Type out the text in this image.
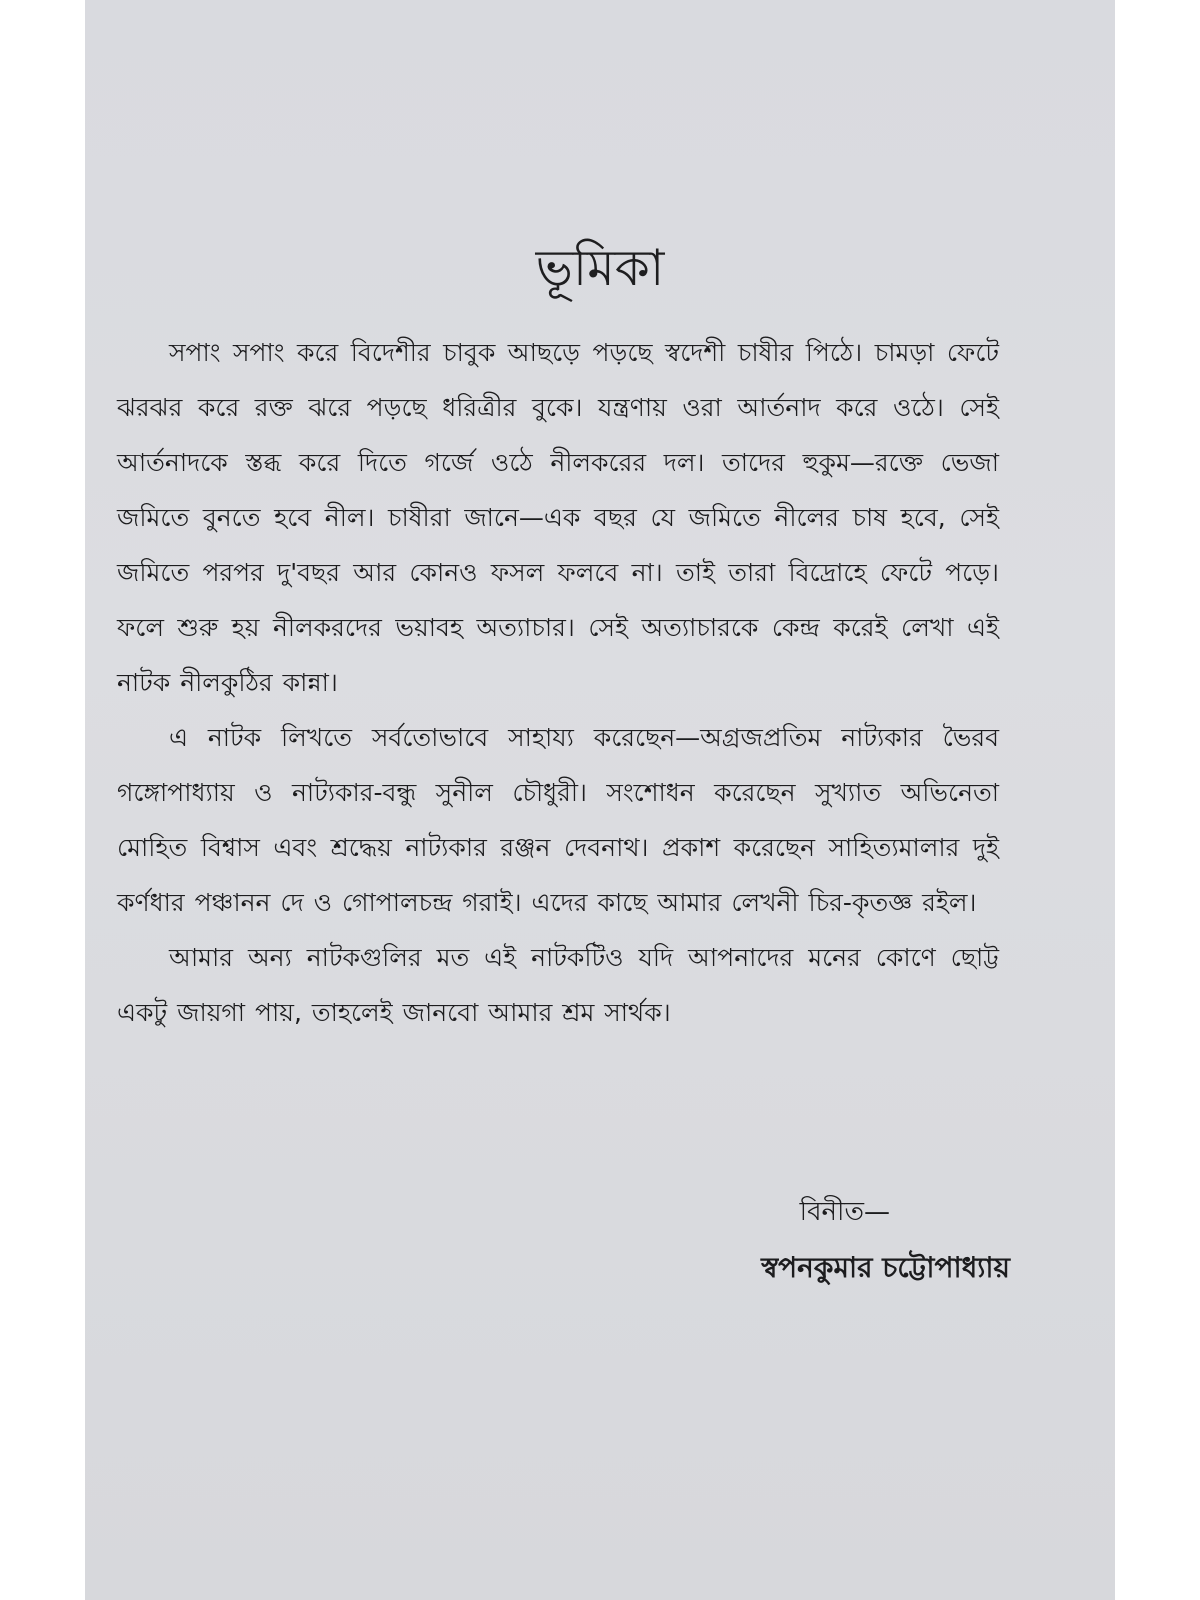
ভূমিকা

সপাং সপাং করে বিদেশীর চাবুক আছড়ে পড়ছে স্বদেশী চাষীর পিঠে। চামড়া ফেটে ঝরঝর করে রক্ত ঝরে পড়ছে ধরিত্রীর বুকে। যন্ত্রণায় ওরা আর্তনাদ করে ওঠে। সেই আর্তনাদকে স্তব্ধ করে দিতে গর্জে ওঠে নীলকরের দল। তাদের হুকুম—রক্তে ভেজা জমিতে বুনতে হবে নীল। চাষীরা জানে—এক বছর যে জমিতে নীলের চাষ হবে, সেই জমিতে পরপর দু'বছর আর কোনও ফসল ফলবে না। তাই তারা বিদ্রোহে ফেটে পড়ে। ফলে শুরু হয় নীলকরদের ভয়াবহ অত্যাচার। সেই অত্যাচারকে কেন্দ্র করেই লেখা এই নাটক নীলকুঠির কান্না।

এ নাটক লিখতে সর্বতোভাবে সাহায্য করেছেন—অগ্রজপ্রতিম নাট্যকার ভৈরব গঙ্গোপাধ্যায় ও নাট্যকার-বন্ধু সুনীল চৌধুরী। সংশোধন করেছেন সুখ্যাত অভিনেতা মোহিত বিশ্বাস এবং শ্রদ্ধেয় নাট্যকার রঞ্জন দেবনাথ। প্রকাশ করেছেন সাহিত্যমালার দুই কর্ণধার পঞ্চানন দে ও গোপালচন্দ্র গরাই। এদের কাছে আমার লেখনী চির-কৃতজ্ঞ রইল।

আমার অন্য নাটকগুলির মত এই নাটকটিও যদি আপনাদের মনের কোণে ছোট্ট একটু জায়গা পায়, তাহলেই জানবো আমার শ্রম সার্থক।

বিনীত—

স্বপনকুমার চট্টোপাধ্যায়
